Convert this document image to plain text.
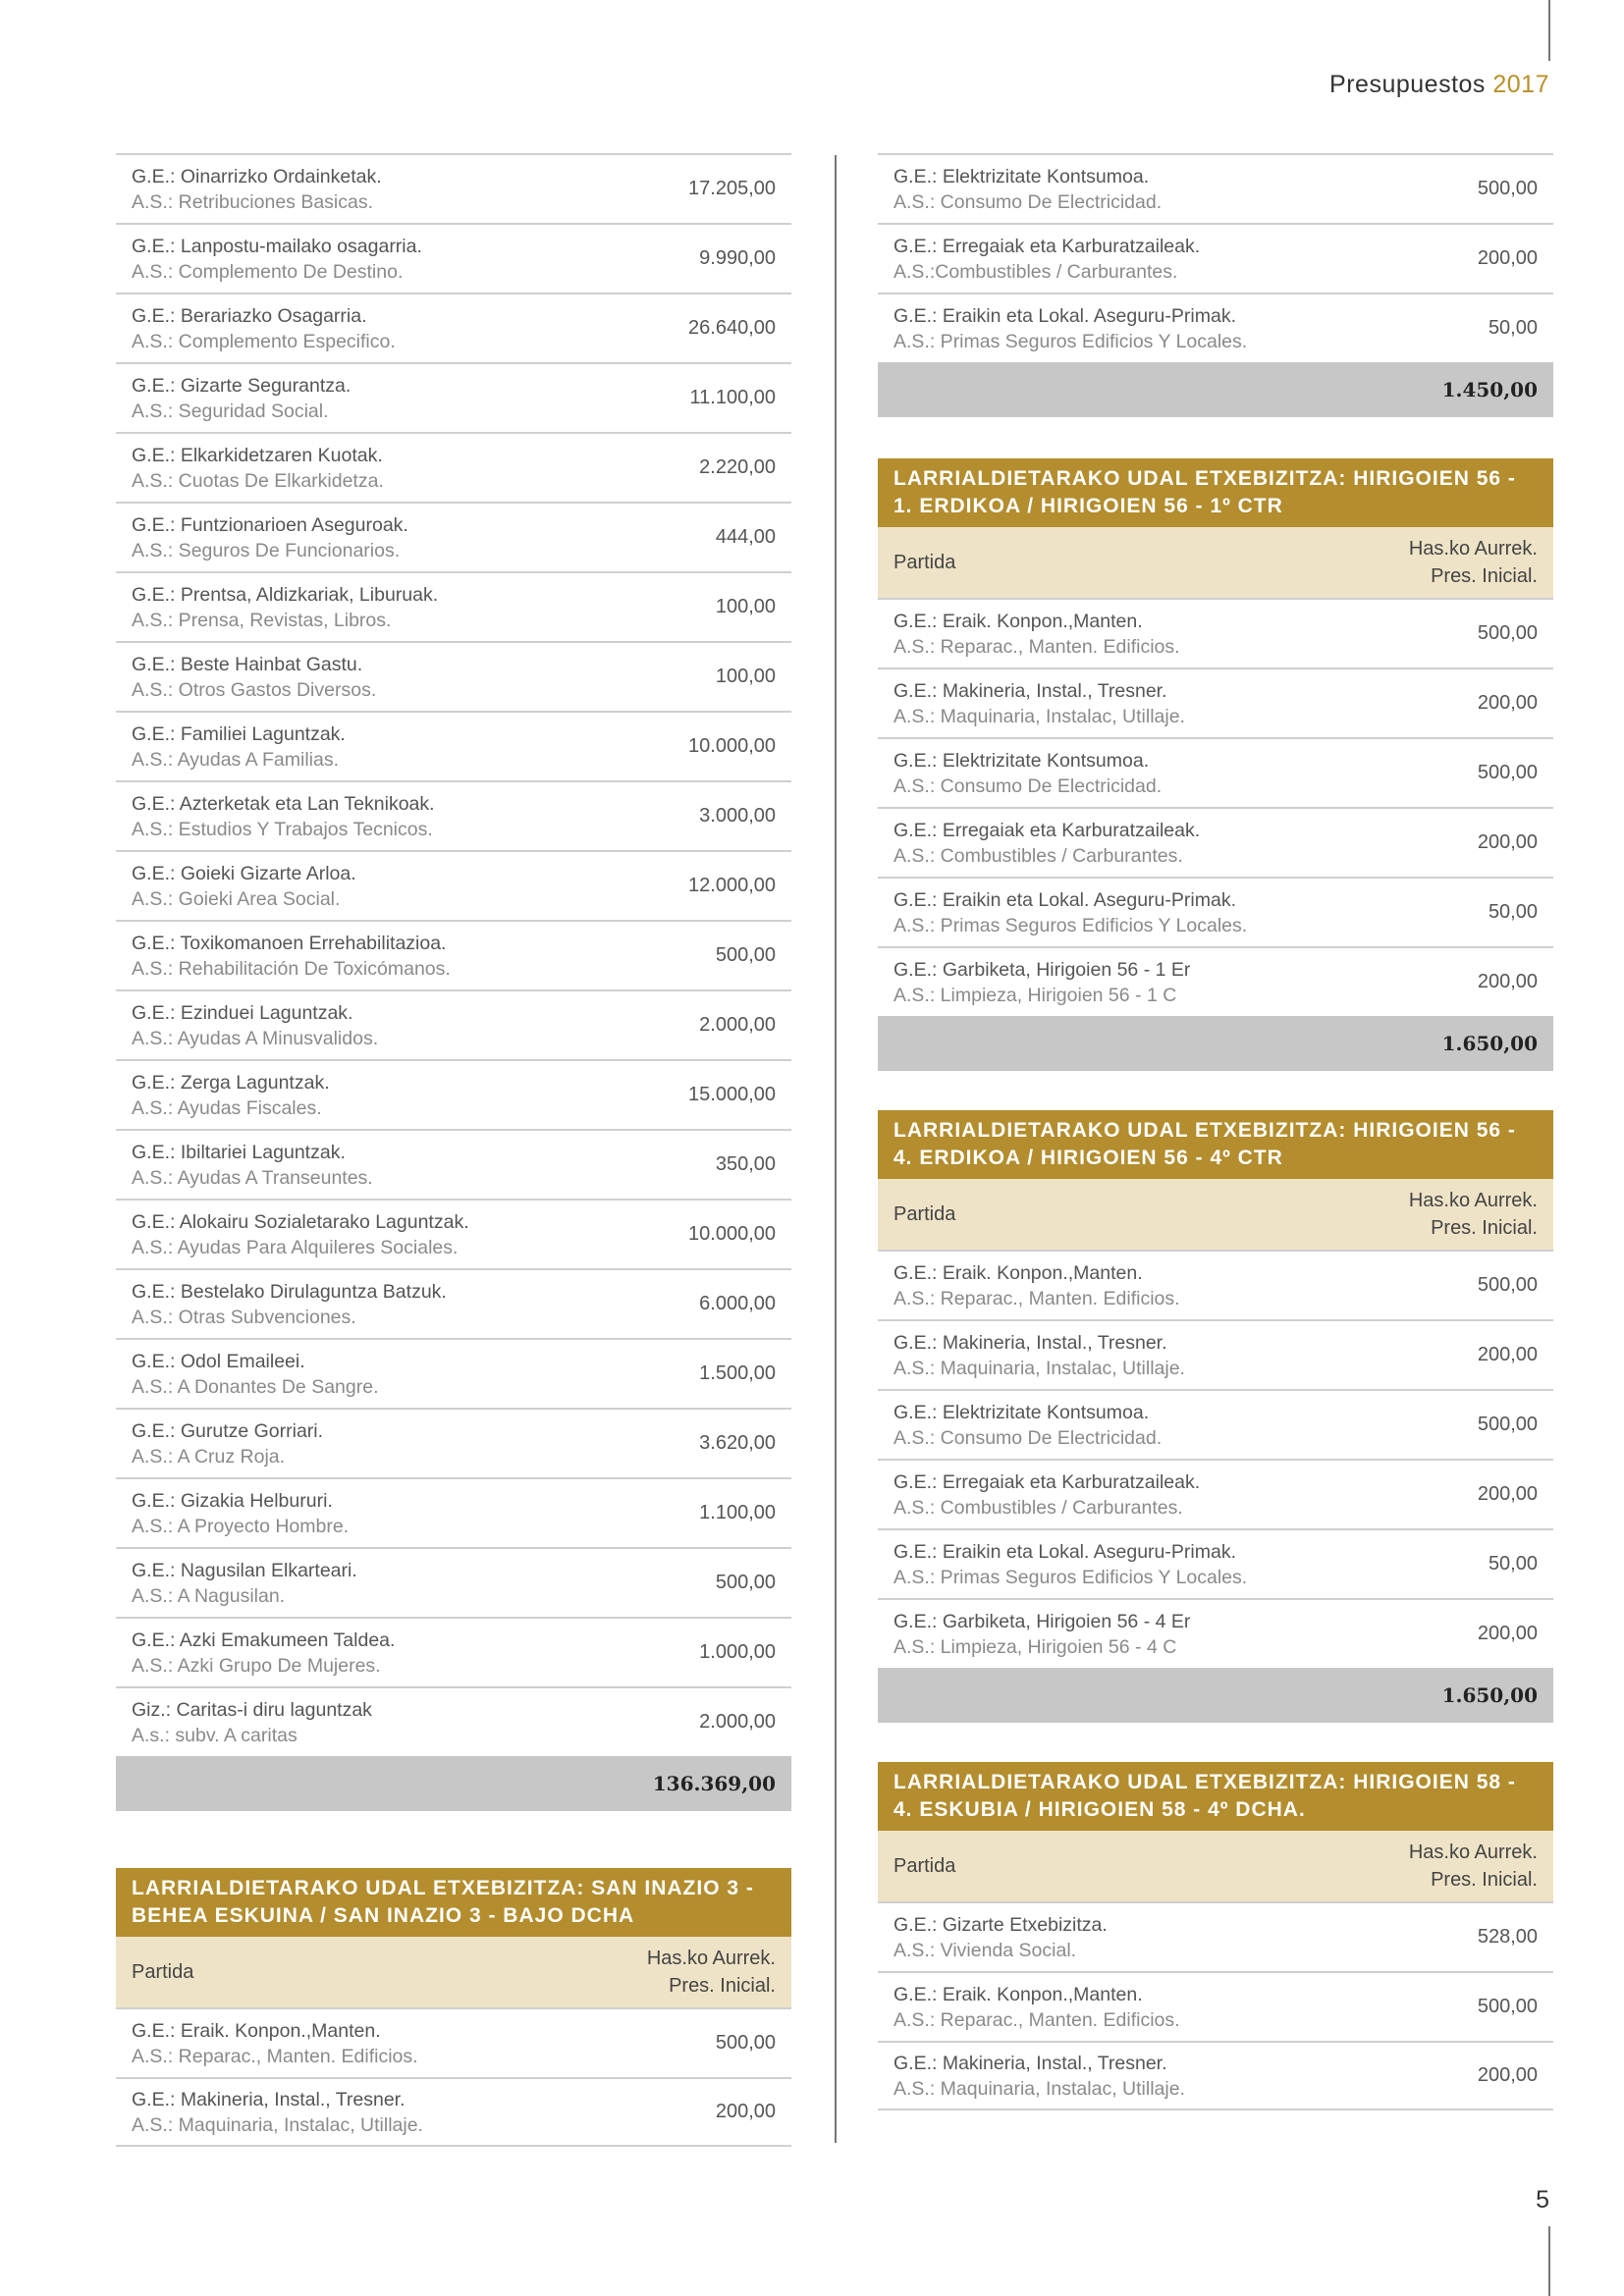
Presupuestos 2017
G.E.: Oinarrizko Ordainketak.
A.S.: Retribuciones Basicas.
17.205,00
G.E.: Lanpostu-mailako osagarria.
A.S.: Complemento De Destino.
9.990,00
G.E.: Berariazko Osagarria.
A.S.: Complemento Especifico.
26.640,00
G.E.: Gizarte Segurantza.
A.S.: Seguridad Social.
11.100,00
G.E.: Elkarkidetzaren Kuotak.
A.S.: Cuotas De Elkarkidetza.
2.220,00
G.E.: Funtzionarioen Aseguroak.
A.S.: Seguros De Funcionarios.
444,00
G.E.: Prentsa, Aldizkariak, Liburuak.
A.S.: Prensa, Revistas, Libros.
100,00
G.E.: Beste Hainbat Gastu.
A.S.: Otros Gastos Diversos.
100,00
G.E.: Familiei Laguntzak.
A.S.: Ayudas A Familias.
10.000,00
G.E.: Azterketak eta Lan Teknikoak.
A.S.: Estudios Y Trabajos Tecnicos.
3.000,00
G.E.: Goieki Gizarte Arloa.
A.S.: Goieki Area Social.
12.000,00
G.E.: Toxikomanoen Errehabilitazioa.
A.S.: Rehabilitación De Toxicómanos.
500,00
G.E.: Ezinduei Laguntzak.
A.S.: Ayudas A Minusvalidos.
2.000,00
G.E.: Zerga Laguntzak.
A.S.: Ayudas Fiscales.
15.000,00
G.E.: Ibiltariei Laguntzak.
A.S.: Ayudas A Transeuntes.
350,00
G.E.: Alokairu Sozialetarako Laguntzak.
A.S.: Ayudas Para Alquileres Sociales.
10.000,00
G.E.: Bestelako Dirulaguntza Batzuk.
A.S.: Otras Subvenciones.
6.000,00
G.E.: Odol Emaileei.
A.S.: A Donantes De Sangre.
1.500,00
G.E.: Gurutze Gorriari.
A.S.: A Cruz Roja.
3.620,00
G.E.: Gizakia Helbururi.
A.S.: A Proyecto Hombre.
1.100,00
G.E.: Nagusilan Elkarteari.
A.S.: A Nagusilan.
500,00
G.E.: Azki Emakumeen Taldea.
A.S.: Azki Grupo De Mujeres.
1.000,00
Giz.: Caritas-i diru laguntzak
A.s.: subv. A caritas
2.000,00
136.369,00
LARRIALDIETARAKO UDAL ETXEBIZITZA: SAN INAZIO 3 -
BEHEA ESKUINA / SAN INAZIO 3 - BAJO DCHA
Partida
Has.ko Aurrek.
Pres. Inicial.
G.E.: Eraik. Konpon.,Manten.
A.S.: Reparac., Manten. Edificios.
500,00
G.E.: Makineria, Instal., Tresner.
A.S.: Maquinaria, Instalac, Utillaje.
200,00
G.E.: Elektrizitate Kontsumoa.
A.S.: Consumo De Electricidad.
500,00
G.E.: Erregaiak eta Karburatzaileak.
A.S.:Combustibles / Carburantes.
200,00
G.E.: Eraikin eta Lokal. Aseguru-Primak.
A.S.: Primas Seguros Edificios Y Locales.
50,00
1.450,00
LARRIALDIETARAKO UDAL ETXEBIZITZA: HIRIGOIEN 56 -
1. ERDIKOA / HIRIGOIEN 56 - 1º CTR
Partida
Has.ko Aurrek.
Pres. Inicial.
G.E.: Eraik. Konpon.,Manten.
A.S.: Reparac., Manten. Edificios.
500,00
G.E.: Makineria, Instal., Tresner.
A.S.: Maquinaria, Instalac, Utillaje.
200,00
G.E.: Elektrizitate Kontsumoa.
A.S.: Consumo De Electricidad.
500,00
G.E.: Erregaiak eta Karburatzaileak.
A.S.: Combustibles / Carburantes.
200,00
G.E.: Eraikin eta Lokal. Aseguru-Primak.
A.S.: Primas Seguros Edificios Y Locales.
50,00
G.E.: Garbiketa, Hirigoien 56 - 1 Er
A.S.: Limpieza, Hirigoien 56 - 1 C
200,00
1.650,00
LARRIALDIETARAKO UDAL ETXEBIZITZA: HIRIGOIEN 56 -
4. ERDIKOA / HIRIGOIEN 56 - 4º CTR
Partida
Has.ko Aurrek.
Pres. Inicial.
G.E.: Eraik. Konpon.,Manten.
A.S.: Reparac., Manten. Edificios.
500,00
G.E.: Makineria, Instal., Tresner.
A.S.: Maquinaria, Instalac, Utillaje.
200,00
G.E.: Elektrizitate Kontsumoa.
A.S.: Consumo De Electricidad.
500,00
G.E.: Erregaiak eta Karburatzaileak.
A.S.: Combustibles / Carburantes.
200,00
G.E.: Eraikin eta Lokal. Aseguru-Primak.
A.S.: Primas Seguros Edificios Y Locales.
50,00
G.E.: Garbiketa, Hirigoien 56 - 4 Er
A.S.: Limpieza, Hirigoien 56 - 4 C
200,00
1.650,00
LARRIALDIETARAKO UDAL ETXEBIZITZA: HIRIGOIEN 58 -
4. ESKUBIA / HIRIGOIEN 58 - 4º DCHA.
Partida
Has.ko Aurrek.
Pres. Inicial.
G.E.: Gizarte Etxebizitza.
A.S.: Vivienda Social.
528,00
G.E.: Eraik. Konpon.,Manten.
A.S.: Reparac., Manten. Edificios.
500,00
G.E.: Makineria, Instal., Tresner.
A.S.: Maquinaria, Instalac, Utillaje.
200,00
5
